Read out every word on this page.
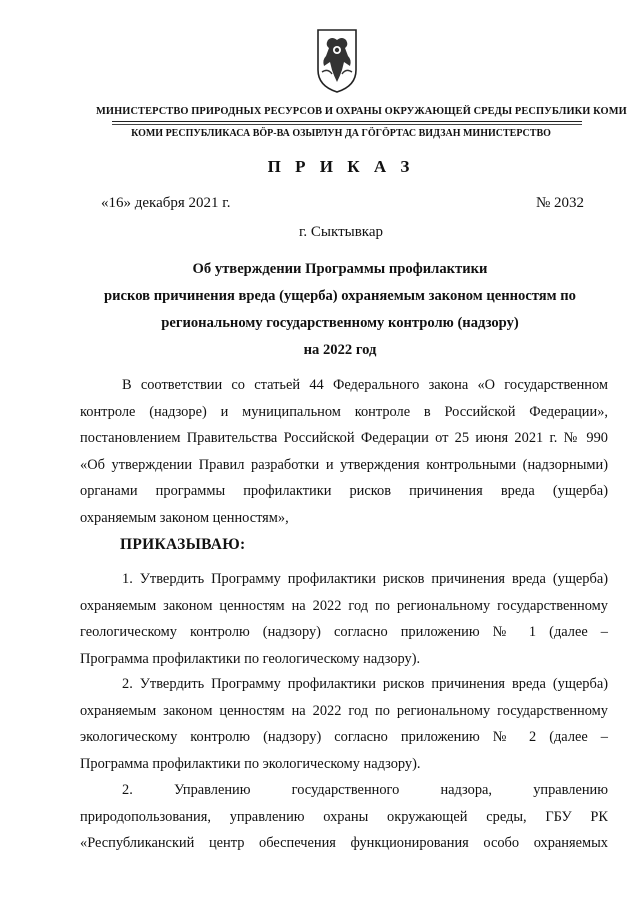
МИНИСТЕРСТВО ПРИРОДНЫХ РЕСУРСОВ И ОХРАНЫ ОКРУЖАЮЩЕЙ СРЕДЫ РЕСПУБЛИКИ КОМИ
КОМИ РЕСПУБЛИКАСА ВӦР-ВА ОЗЫРЛУН ДА ГӦГӦРТАС ВИДЗАН МИНИСТЕРСТВО
П Р И К А З
«16» декабря 2021 г.	№ 2032
г. Сыктывкар
Об утверждении Программы профилактики
рисков причинения вреда (ущерба) охраняемым законом ценностям по
региональному государственному контролю (надзору)
на 2022 год
В соответствии со статьей 44 Федерального закона «О государственном
контроле (надзоре) и муниципальном контроле в Российской Федерации»,
постановлением Правительства Российской Федерации от 25 июня 2021 г. № 990
«Об утверждении Правил разработки и утверждения контрольными (надзорными)
органами программы профилактики рисков причинения вреда (ущерба)
охраняемым законом ценностям»,
ПРИКАЗЫВАЮ:
1. Утвердить Программу профилактики рисков причинения вреда (ущерба)
охраняемым законом ценностям на 2022 год по региональному государственному
геологическому контролю (надзору) согласно приложению № 1 (далее –
Программа профилактики по геологическому надзору).
2. Утвердить Программу профилактики рисков причинения вреда (ущерба)
охраняемым законом ценностям на 2022 год по региональному государственному
экологическому контролю (надзору) согласно приложению № 2 (далее –
Программа профилактики по экологическому надзору).
2. Управлению государственного надзора, управлению
природопользования, управлению охраны окружающей среды, ГБУ РК
«Республиканский центр обеспечения функционирования особо охраняемых
